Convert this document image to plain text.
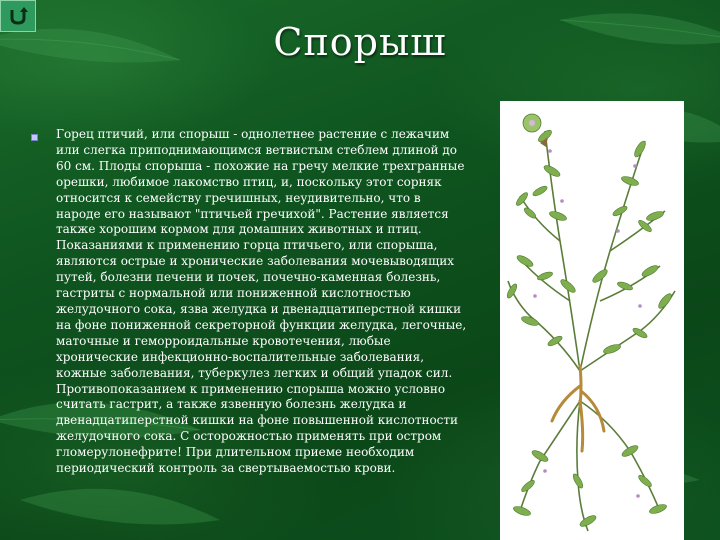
Спорыш

Горец птичий, или спорыш - однолетнее растение с лежачим или слегка приподнимающимся ветвистым стеблем длиной до 60 см. Плоды спорыша - похожие на гречу мелкие трехгранные орешки, любимое лакомство птиц, и, поскольку этот сорняк относится к семейству гречишных, неудивительно, что в народе его называют "птичьей гречихой". Растение является также хорошим кормом для домашних животных и птиц. Показаниями к применению горца птичьего, или спорыша, являются острые и хронические заболевания мочевыводящих путей, болезни печени и почек, почечно-каменная болезнь, гастриты с нормальной или пониженной кислотностью желудочного сока, язва желудка и двенадцатиперстной кишки на фоне пониженной секреторной функции желудка, легочные, маточные и геморроидальные кровотечения, любые хронические инфекционно-воспалительные заболевания, кожные заболевания, туберкулез легких и общий упадок сил. Противопоказанием к применению спорыша можно условно считать гастрит, а также язвенную болезнь желудка и двенадцатиперстной кишки на фоне повышенной кислотности желудочного сока. С осторожностью применять при остром гломерулонефрите! При длительном приеме необходим периодический контроль за свертываемостью крови.
